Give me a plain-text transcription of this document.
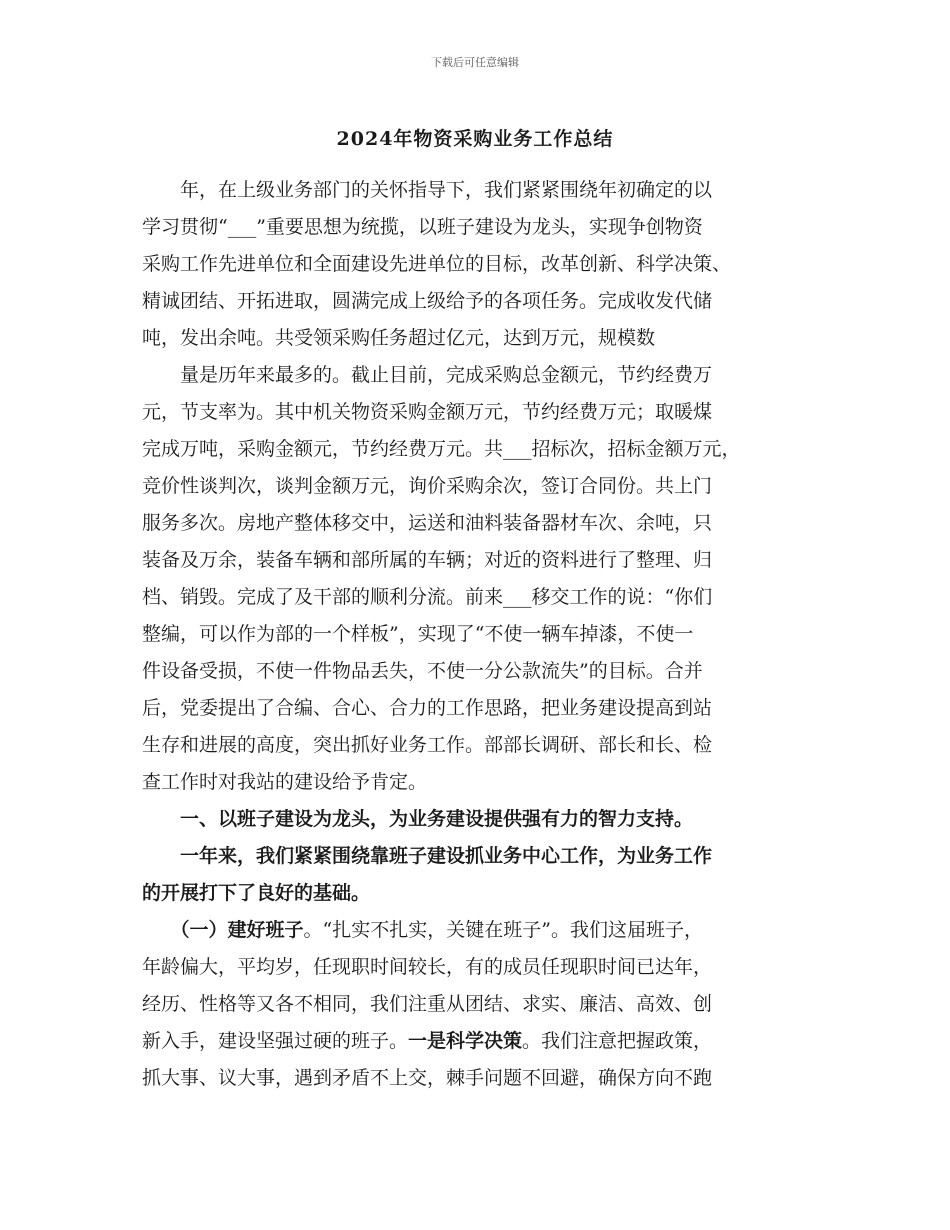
下载后可任意编辑
2024年物资采购业务工作总结
　　年，在上级业务部门的关怀指导下，我们紧紧围绕年初确定的以
学习贯彻“___”重要思想为统揽，以班子建设为龙头，实现争创物资
采购工作先进单位和全面建设先进单位的目标，改革创新、科学决策、
精诚团结、开拓进取，圆满完成上级给予的各项任务。完成收发代储
吨，发出余吨。共受领采购任务超过亿元，达到万元，规模数
　　量是历年来最多的。截止目前，完成采购总金额元，节约经费万
元，节支率为。其中机关物资采购金额万元，节约经费万元；取暖煤
完成万吨，采购金额元，节约经费万元。共___招标次，招标金额万元，
竞价性谈判次，谈判金额万元，询价采购余次，签订合同份。共上门
服务多次。房地产整体移交中，运送和油料装备器材车次、余吨，只
装备及万余，装备车辆和部所属的车辆；对近的资料进行了整理、归
档、销毁。完成了及干部的顺利分流。前来___移交工作的说：“你们
整编，可以作为部的一个样板”，实现了“不使一辆车掉漆，不使一
件设备受损，不使一件物品丢失，不使一分公款流失”的目标。合并
后，党委提出了合编、合心、合力的工作思路，把业务建设提高到站
生存和进展的高度，突出抓好业务工作。部部长调研、部长和长、检
查工作时对我站的建设给予肯定。
　　一、以班子建设为龙头，为业务建设提供强有力的智力支持。
　　一年来，我们紧紧围绕靠班子建设抓业务中心工作，为业务工作
的开展打下了良好的基础。
　　（一）建好班子。“扎实不扎实，关键在班子”。我们这届班子，
年龄偏大，平均岁，任现职时间较长，有的成员任现职时间已达年，
经历、性格等又各不相同，我们注重从团结、求实、廉洁、高效、创
新入手，建设坚强过硬的班子。一是科学决策。我们注意把握政策，
抓大事、议大事，遇到矛盾不上交，棘手问题不回避，确保方向不跑
